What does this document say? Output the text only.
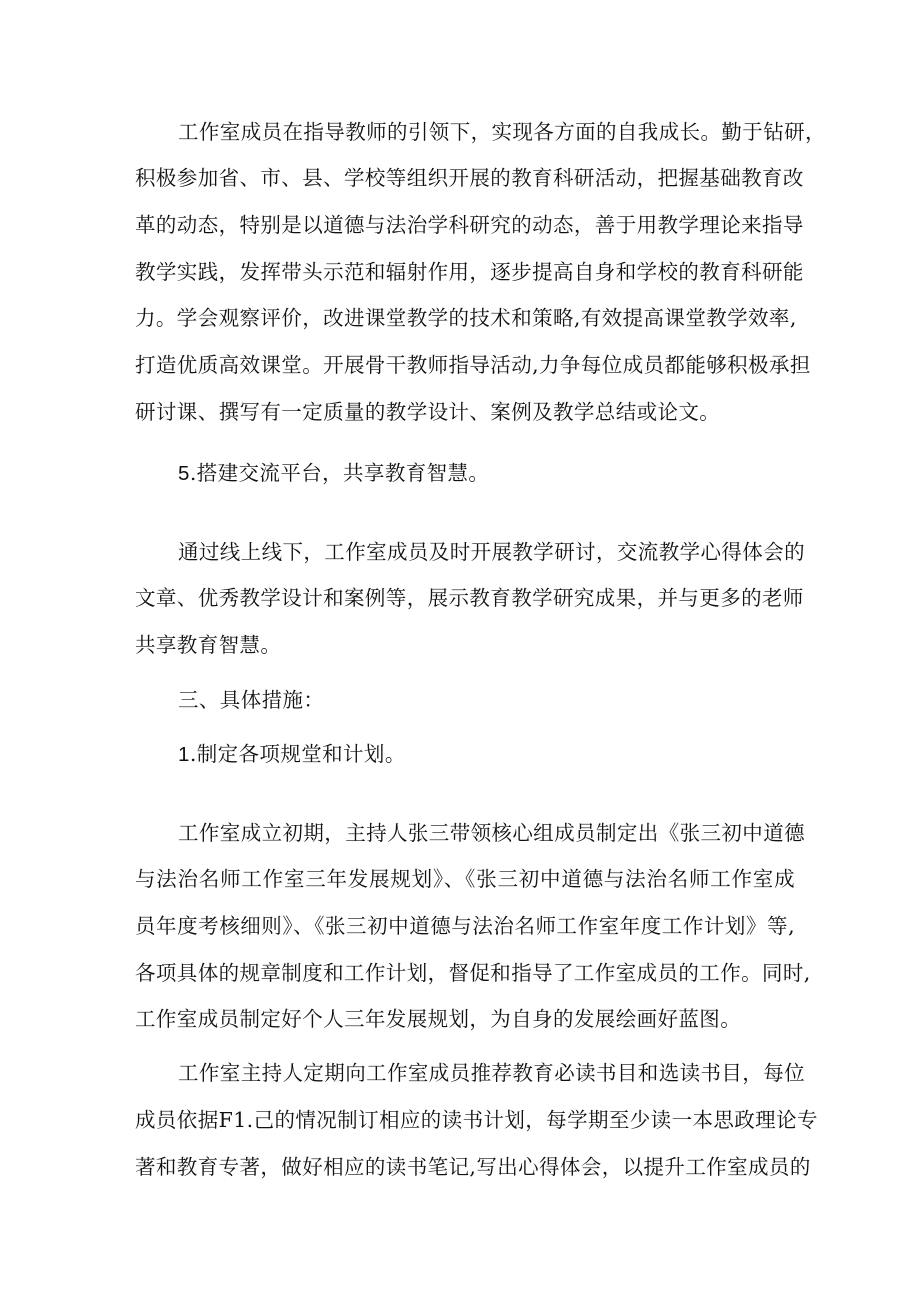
工作室成员在指导教师的引领下，实现各方面的自我成长。勤于钻研，
积极参加省、市、县、学校等组织开展的教育科研活动，把握基础教育改
革的动态，特别是以道德与法治学科研究的动态，善于用教学理论来指导
教学实践，发挥带头示范和辐射作用，逐步提高自身和学校的教育科研能
力。学会观察评价，改进课堂教学的技术和策略,有效提高课堂教学效率,
打造优质高效课堂。开展骨干教师指导活动,力争每位成员都能够积极承担
研讨课、撰写有一定质量的教学设计、案例及教学总结或论文。
5.搭建交流平台，共享教育智慧。
通过线上线下，工作室成员及时开展教学研讨，交流教学心得体会的
文章、优秀教学设计和案例等，展示教育教学研究成果，并与更多的老师
共享教育智慧。
三、具体措施：
1.制定各项规堂和计划。
工作室成立初期，主持人张三带领核心组成员制定出《张三初中道德
与法治名师工作室三年发展规划》、《张三初中道德与法治名师工作室成
员年度考核细则》、《张三初中道德与法治名师工作室年度工作计划》等,
各项具体的规章制度和工作计划，督促和指导了工作室成员的工作。同时,
工作室成员制定好个人三年发展规划，为自身的发展绘画好蓝图。
工作室主持人定期向工作室成员推荐教育必读书目和选读书目，每位
成员依据F1.己的情况制订相应的读书计划，每学期至少读一本思政理论专
著和教育专著，做好相应的读书笔记,写出心得体会，以提升工作室成员的
